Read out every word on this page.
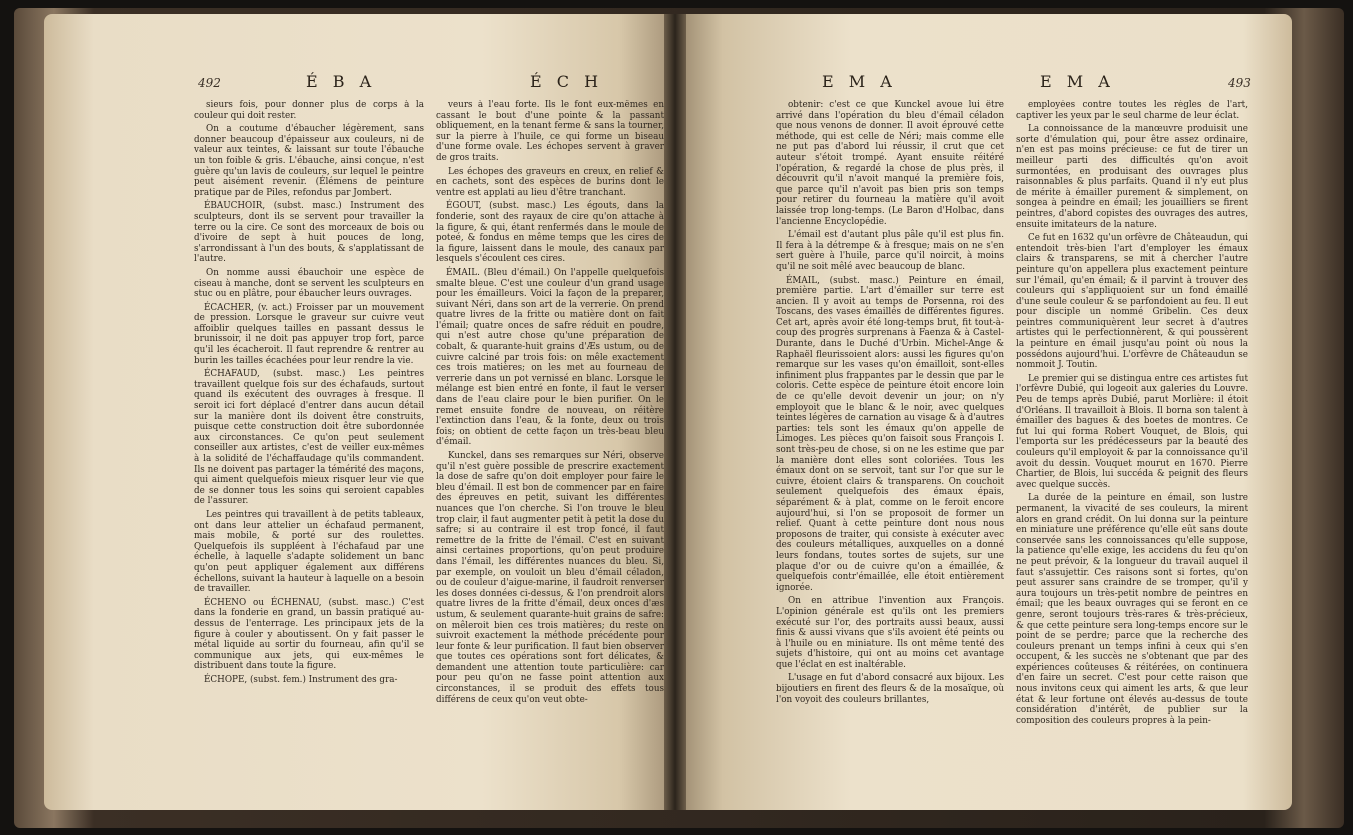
492	É B A	É C H

sieurs fois, pour donner plus de corps à la couleur qui doit rester.

On a coutume d'ébaucher légèrement, sans donner beaucoup d'épaisseur aux couleurs, ni de valeur aux teintes, & laissant sur toute l'ébauche un ton foible & gris. L'ébauche, ainsi conçue, n'est guère qu'un lavis de couleurs, sur lequel le peintre peut aisément revenir. (Élémens de peinture pratique par de Piles, refondus par Jombert.

ÉBAUCHOIR, (subst. masc.) Instrument des sculpteurs, dont ils se servent pour travailler la terre ou la cire. Ce sont des morceaux de bois ou d'ivoire de sept à huit pouces de long, s'arrondissant à l'un des bouts, & s'applatissant de l'autre.

On nomme aussi ébauchoir une espèce de ciseau à manche, dont se servent les sculpteurs en stuc ou en plâtre, pour ébaucher leurs ouvrages.

ÉCACHER, (v. act.) Froisser par un mouvement de pression. Lorsque le graveur sur cuivre veut affoiblir quelques tailles en passant dessus le brunissoir, il ne doit pas appuyer trop fort, parce qu'il les écacheroit. Il faut reprendre & rentrer au burin les tailles écachées pour leur rendre la vie.

ÉCHAFAUD, (subst. masc.) Les peintres travaillent quelque fois sur des échafauds, surtout quand ils exécutent des ouvrages à fresque. Il seroit ici fort déplacé d'entrer dans aucun détail sur la manière dont ils doivent être construits, puisque cette construction doit être subordonnée aux circonstances. Ce qu'on peut seulement conseiller aux artistes, c'est de veiller eux-mêmes à la solidité de l'échaffaudage qu'ils commandent. Ils ne doivent pas partager la témérité des maçons, qui aiment quelquefois mieux risquer leur vie que de se donner tous les soins qui seroient capables de l'assurer.

Les peintres qui travaillent à de petits tableaux, ont dans leur attelier un échafaud permanent, mais mobile, & porté sur des roulettes. Quelquefois ils suppléent à l'échafaud par une échelle, à laquelle s'adapte solidement un banc qu'on peut appliquer également aux différens échellons, suivant la hauteur à laquelle on a besoin de travailler.

ÉCHENO ou ÉCHENAU, (subst. masc.) C'est dans la fonderie en grand, un bassin pratiqué au-dessus de l'enterrage. Les principaux jets de la figure à couler y aboutissent. On y fait passer le métal liquide au sortir du fourneau, afin qu'il se communique aux jets, qui eux-mêmes le distribuent dans toute la figure.

ÉCHOPE, (subst. fem.) Instrument des gra-

veurs à l'eau forte. Ils le font eux-mêmes en cassant le bout d'une pointe & la passant obliquement, en la tenant ferme & sans la tourner, sur la pierre à l'huile, ce qui forme un biseau d'une forme ovale. Les échopes servent à graver de gros traits.

Les échopes des graveurs en creux, en relief & en cachets, sont des espèces de burins dont le ventre est applati au lieu d'être tranchant.

ÉGOUT, (subst. masc.) Les égouts, dans la fonderie, sont des rayaux de cire qu'on attache à la figure, & qui, étant renfermés dans le moule de poteé, & fondus en même temps que les cires de la figure, laissent dans le moule, des canaux par lesquels s'écoulent ces cires.

ÉMAIL. (Bleu d'émail.) On l'appelle quelquefois smalte bleue. C'est une couleur d'un grand usage pour les émailleurs. Voici la façon de la preparer, suivant Néri, dans son art de la verrerie. On prend quatre livres de la fritte ou matière dont on fait l'émail; quatre onces de safre réduit en poudre, qui n'est autre chose qu'une préparation de cobalt, & quarante-huit grains d'Æs ustum, ou de cuivre calciné par trois fois: on mêle exactement ces trois matières; on les met au fourneau de verrerie dans un pot vernissé en blanc. Lorsque le mélange est bien entré en fonte, il faut le verser dans de l'eau claire pour le bien purifier. On le remet ensuite fondre de nouveau, on réitère l'extinction dans l'eau, & la fonte, deux ou trois fois; on obtient de cette façon un très-beau bleu d'émail.

Kunckel, dans ses remarques sur Néri, observe qu'il n'est guère possible de prescrire exactement la dose de safre qu'on doit employer pour faire le bleu d'émail. Il est bon de commencer par en faire des épreuves en petit, suivant les différentes nuances que l'on cherche. Si l'on trouve le bleu trop clair, il faut augmenter petit à petit la dose du safre; si au contraire il est trop foncé, il faut remettre de la fritte de l'émail. C'est en suivant ainsi certaines proportions, qu'on peut produire dans l'émail, les différentes nuances du bleu. Si, par exemple, on vouloit un bleu d'émail céladon, ou de couleur d'aigue-marine, il faudroit renverser les doses données ci-dessus, & l'on prendroit alors quatre livres de la fritte d'émail, deux onces d'æs ustum, & seulement quarante-huit grains de safre: on mêleroit bien ces trois matières; du reste on suivroit exactement la méthode précédente pour leur fonte & leur purification. Il faut bien observer que toutes ces opérations sont fort délicates, & demandent une attention toute particulière: car pour peu qu'on ne fasse point attention aux circonstances, il se produit des effets tous différens de ceux qu'on veut obte-

E M A	E M A	493

obtenir: c'est ce que Kunckel avoue lui être arrivé dans l'opération du bleu d'émail céladon que nous venons de donner. Il avoit éprouvé cette méthode, qui est celle de Néri; mais comme elle ne put pas d'abord lui réussir, il crut que cet auteur s'étoit trompé. Ayant ensuite réitéré l'opération, & regardé la chose de plus près, il découvrit qu'il n'avoit manqué la première fois, que parce qu'il n'avoit pas bien pris son temps pour retirer du fourneau la matière qu'il avoit laissée trop long-temps. (Le Baron d'Holbac, dans l'ancienne Encyclopédie.

L'émail est d'autant plus pâle qu'il est plus fin. Il fera à la détrempe & à fresque; mais on ne s'en sert guère à l'huile, parce qu'il noircit, à moins qu'il ne soit mêlé avec beaucoup de blanc.

ÉMAIL, (subst. masc.) Peinture en émail, première partie. L'art d'émailler sur terre est ancien. Il y avoit au temps de Porsenna, roi des Toscans, des vases émaillés de différentes figures. Cet art, après avoir été long-temps brut, fit tout-à-coup des progrès surprenans à Faenza & à Castel-Durante, dans le Duché d'Urbin. Michel-Ange & Raphaël fleurissoient alors: aussi les figures qu'on remarque sur les vases qu'on émailloit, sont-elles infiniment plus frappantes par le dessin que par le coloris. Cette espèce de peinture étoit encore loin de ce qu'elle devoit devenir un jour; on n'y employoit que le blanc & le noir, avec quelques teintes légères de carnation au visage & à d'autres parties: tels sont les émaux qu'on appelle de Limoges. Les pièces qu'on faisoit sous François I. sont très-peu de chose, si on ne les estime que par la manière dont elles sont coloriées. Tous les émaux dont on se servoit, tant sur l'or que sur le cuivre, étoient clairs & transparens. On couchoit seulement quelquefois des émaux épais, séparément & à plat, comme on le feroit encore aujourd'hui, si l'on se proposoit de former un relief. Quant à cette peinture dont nous nous proposons de traiter, qui consiste à exécuter avec des couleurs métalliques, auxquelles on a donné leurs fondans, toutes sortes de sujets, sur une plaque d'or ou de cuivre qu'on a émaillée, & quelquefois contr'émaillée, elle étoit entièrement ignorée.

On en attribue l'invention aux François. L'opinion générale est qu'ils ont les premiers exécuté sur l'or, des portraits aussi beaux, aussi finis & aussi vivans que s'ils avoient été peints ou à l'huile ou en miniature. Ils ont même tenté des sujets d'histoire, qui ont au moins cet avantage que l'éclat en est inaltérable.

L'usage en fut d'abord consacré aux bijoux. Les bijoutiers en firent des fleurs & de la mosaïque, où l'on voyoit des couleurs brillantes,

employées contre toutes les règles de l'art, captiver les yeux par le seul charme de leur éclat.

La connoissance de la manœuvre produisit une sorte d'émulation qui, pour être assez ordinaire, n'en est pas moins précieuse: ce fut de tirer un meilleur parti des difficultés qu'on avoit surmontées, en produisant des ouvrages plus raisonnables & plus parfaits. Quand il n'y eut plus de mérite à émailler purement & simplement, on songea à peindre en émail; les jouailliers se firent peintres, d'abord copistes des ouvrages des autres, ensuite imitateurs de la nature.

Ce fut en 1632 qu'un orfèvre de Châteaudun, qui entendoit très-bien l'art d'employer les émaux clairs & transparens, se mit à chercher l'autre peinture qu'on appellera plus exactement peinture sur l'émail, qu'en émail; & il parvint à trouver des couleurs qui s'appliquoient sur un fond émaillé d'une seule couleur & se parfondoient au feu. Il eut pour disciple un nommé Gribelin. Ces deux peintres communiquèrent leur secret à d'autres artistes qui le perfectionnèrent, & qui poussèrent la peinture en émail jusqu'au point où nous la possédons aujourd'hui. L'orfèvre de Châteaudun se nommoit J. Toutin.

Le premier qui se distingua entre ces artistes fut l'orfèvre Dubié, qui logeoit aux galeries du Louvre. Peu de temps après Dubié, parut Morlière: il étoit d'Orléans. Il travailloit à Blois. Il borna son talent à émailler des bagues & des boetes de montres. Ce fut lui qui forma Robert Vouquet, de Blois, qui l'emporta sur les prédécesseurs par la beauté des couleurs qu'il employoit & par la connoissance qu'il avoit du dessin. Vouquet mourut en 1670. Pierre Chartier, de Blois, lui succéda & peignit des fleurs avec quelque succès.

La durée de la peinture en émail, son lustre permanent, la vivacité de ses couleurs, la mirent alors en grand crédit. On lui donna sur la peinture en miniature une préférence qu'elle eût sans doute conservée sans les connoissances qu'elle suppose, la patience qu'elle exige, les accidens du feu qu'on ne peut prévoir, & la longueur du travail auquel il faut s'assujettir. Ces raisons sont si fortes, qu'on peut assurer sans craindre de se tromper, qu'il y aura toujours un très-petit nombre de peintres en émail; que les beaux ouvrages qui se feront en ce genre, seront toujours très-rares & très-précieux, & que cette peinture sera long-temps encore sur le point de se perdre; parce que la recherche des couleurs prenant un temps infini à ceux qui s'en occupent, & les succès ne s'obtenant que par des expériences coûteuses & réitérées, on continuera d'en faire un secret. C'est pour cette raison que nous invitons ceux qui aiment les arts, & que leur état & leur fortune ont élevés au-dessus de toute considération d'intérêt, de publier sur la composition des couleurs propres à la pein-
